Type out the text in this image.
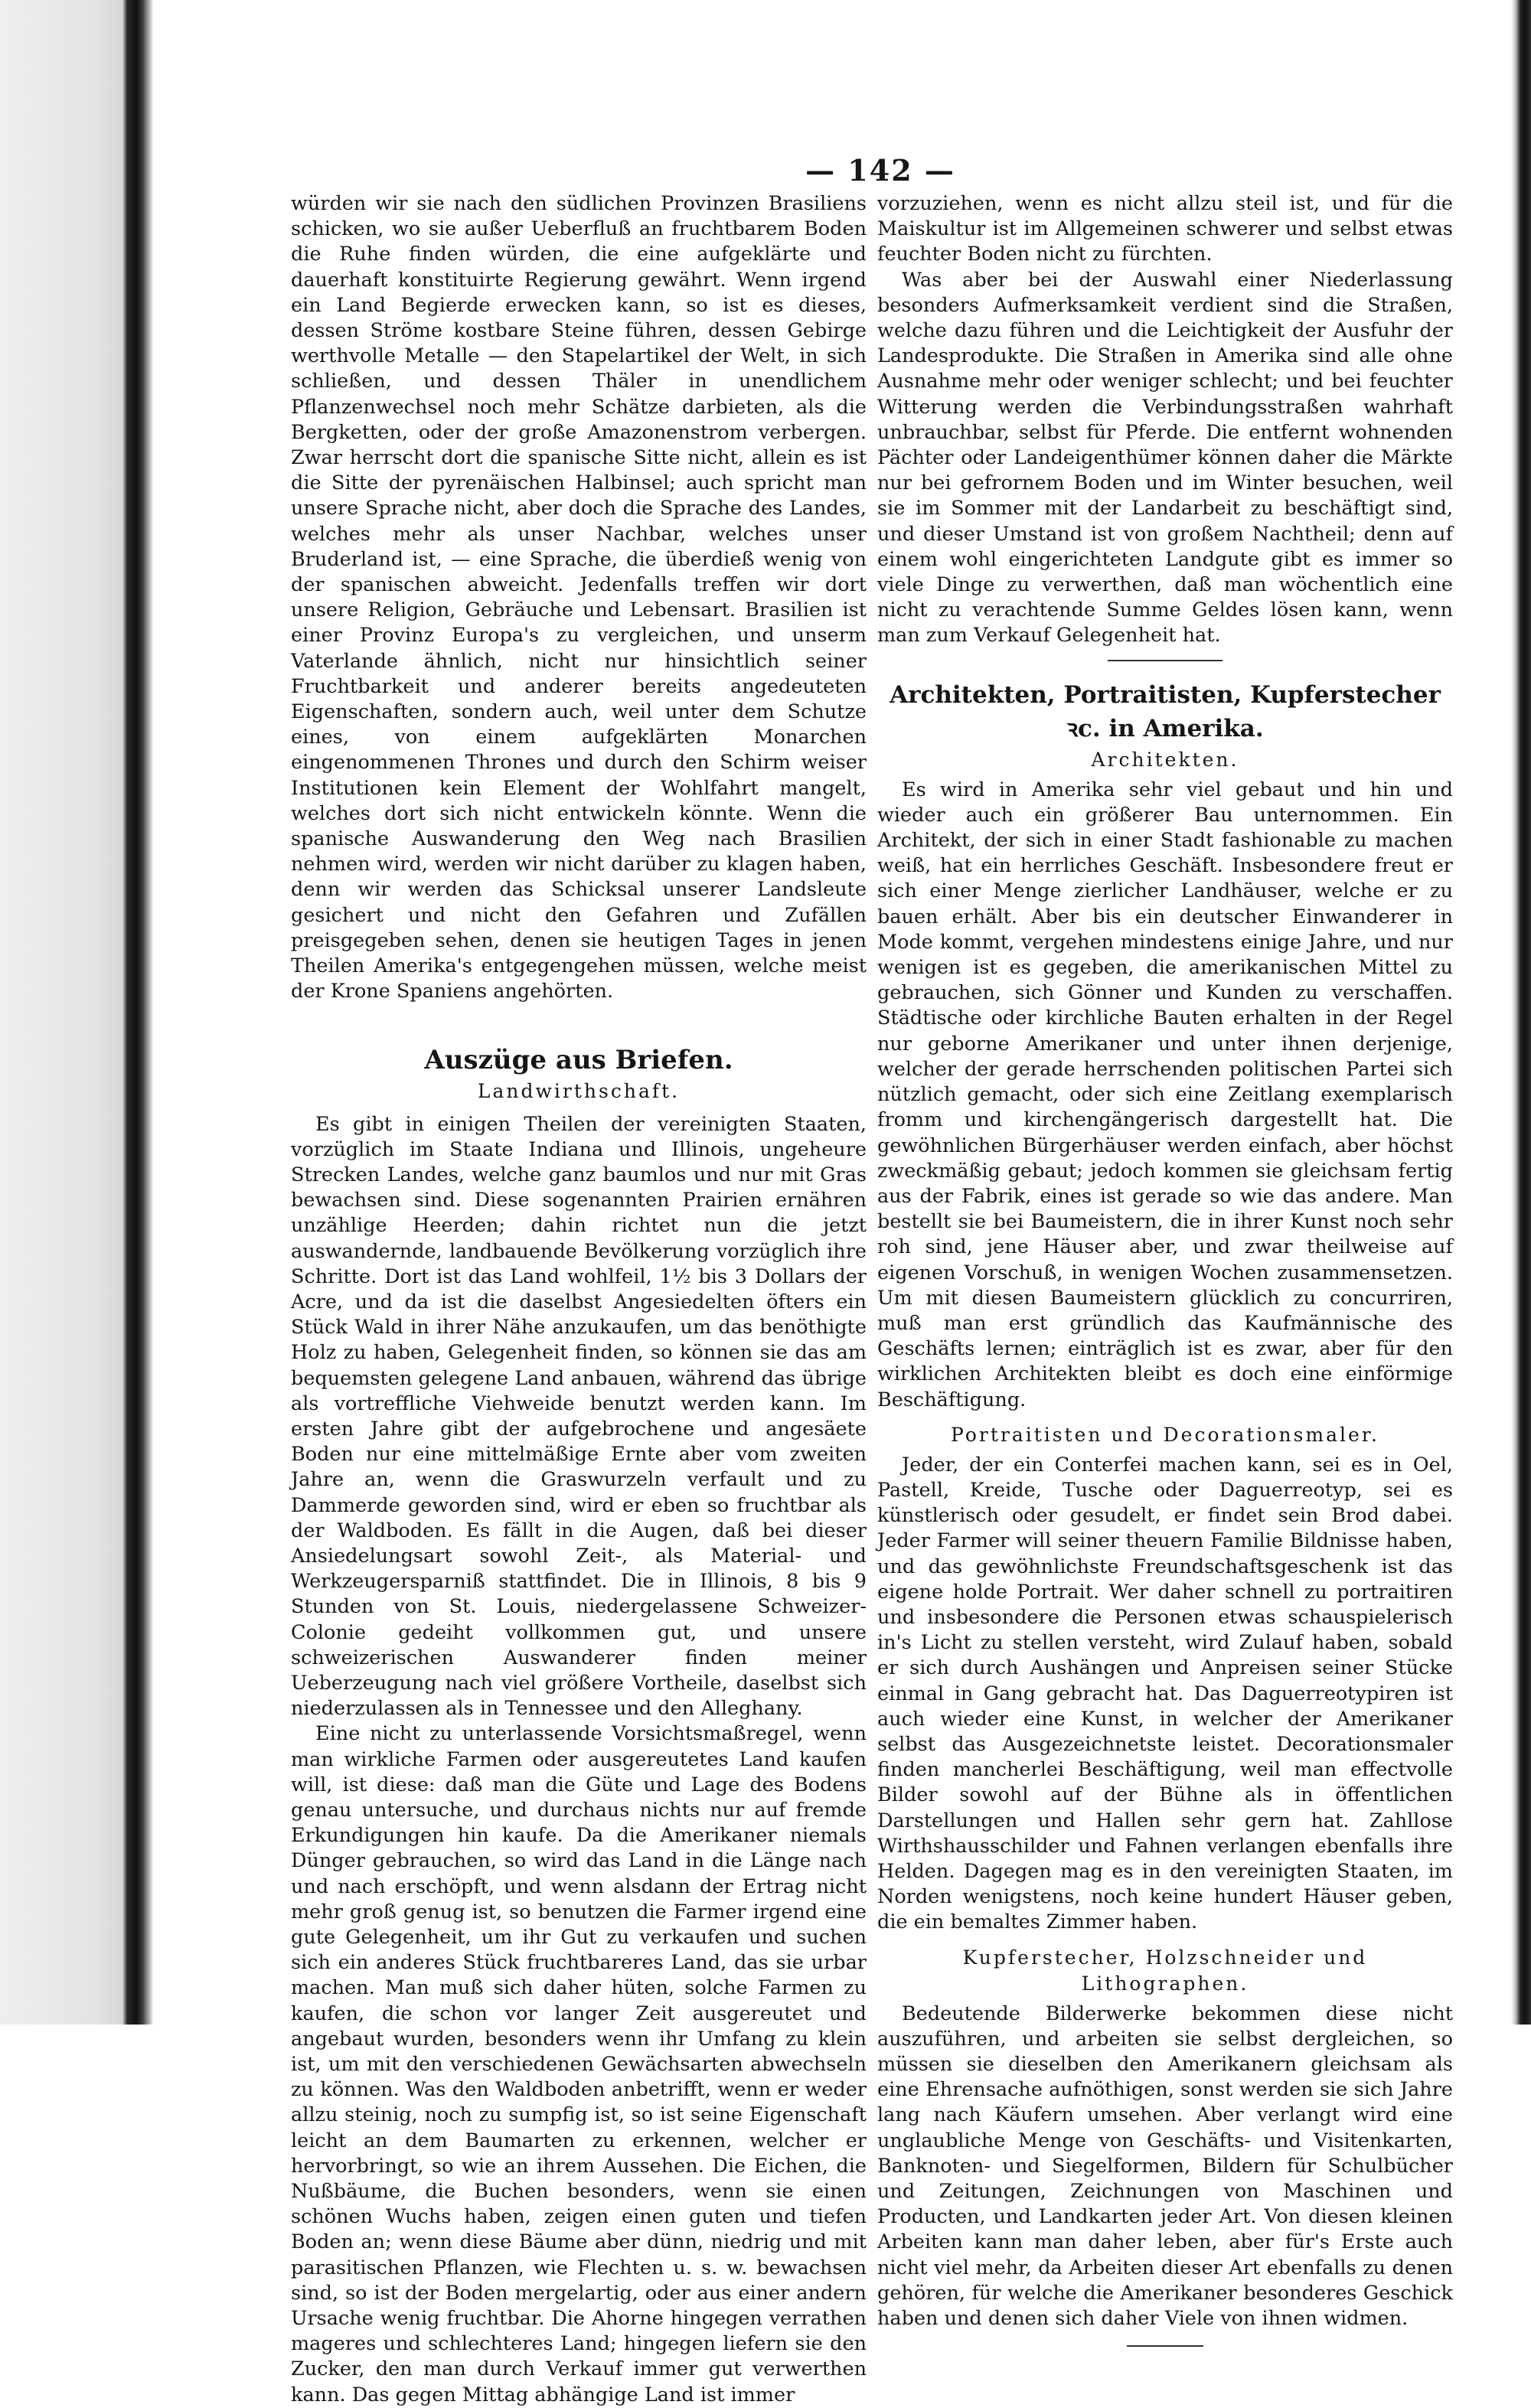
— 142 —

würden wir sie nach den südlichen Provinzen Brasiliens schicken, wo sie außer Ueberfluß an fruchtbarem Boden die Ruhe finden würden, die eine aufgeklärte und dauerhaft konstituirte Regierung gewährt. Wenn irgend ein Land Begierde erwecken kann, so ist es dieses, dessen Ströme kostbare Steine führen, dessen Gebirge werthvolle Metalle — den Stapelartikel der Welt, in sich schließen, und dessen Thäler in unendlichem Pflanzenwechsel noch mehr Schätze darbieten, als die Bergketten, oder der große Amazonenstrom verbergen. Zwar herrscht dort die spanische Sitte nicht, allein es ist die Sitte der pyrenäischen Halbinsel; auch spricht man unsere Sprache nicht, aber doch die Sprache des Landes, welches mehr als unser Nachbar, welches unser Bruderland ist, — eine Sprache, die überdieß wenig von der spanischen abweicht. Jedenfalls treffen wir dort unsere Religion, Gebräuche und Lebensart. Brasilien ist einer Provinz Europa's zu vergleichen, und unserm Vaterlande ähnlich, nicht nur hinsichtlich seiner Fruchtbarkeit und anderer bereits angedeuteten Eigenschaften, sondern auch, weil unter dem Schutze eines, von einem aufgeklärten Monarchen eingenommenen Thrones und durch den Schirm weiser Institutionen kein Element der Wohlfahrt mangelt, welches dort sich nicht entwickeln könnte. Wenn die spanische Auswanderung den Weg nach Brasilien nehmen wird, werden wir nicht darüber zu klagen haben, denn wir werden das Schicksal unserer Landsleute gesichert und nicht den Gefahren und Zufällen preisgegeben sehen, denen sie heutigen Tages in jenen Theilen Amerika's entgegengehen müssen, welche meist der Krone Spaniens angehörten.

Auszüge aus Briefen.
Landwirthschaft.

Es gibt in einigen Theilen der vereinigten Staaten, vorzüglich im Staate Indiana und Illinois, ungeheure Strecken Landes, welche ganz baumlos und nur mit Gras bewachsen sind. Diese sogenannten Prairien ernähren unzählige Heerden; dahin richtet nun die jetzt auswandernde, landbauende Bevölkerung vorzüglich ihre Schritte. Dort ist das Land wohlfeil, 1½ bis 3 Dollars der Acre, und da ist die daselbst Angesiedelten öfters ein Stück Wald in ihrer Nähe anzukaufen, um das benöthigte Holz zu haben, Gelegenheit finden, so können sie das am bequemsten gelegene Land anbauen, während das übrige als vortreffliche Viehweide benutzt werden kann. Im ersten Jahre gibt der aufgebrochene und angesäete Boden nur eine mittelmäßige Ernte aber vom zweiten Jahre an, wenn die Graswurzeln verfault und zu Dammerde geworden sind, wird er eben so fruchtbar als der Waldboden. Es fällt in die Augen, daß bei dieser Ansiedelungsart sowohl Zeit-, als Material- und Werkzeugersparniß stattfindet. Die in Illinois, 8 bis 9 Stunden von St. Louis, niedergelassene Schweizer-Colonie gedeiht vollkommen gut, und unsere schweizerischen Auswanderer finden meiner Ueberzeugung nach viel größere Vortheile, daselbst sich niederzulassen als in Tennessee und den Alleghany.

Eine nicht zu unterlassende Vorsichtsmaßregel, wenn man wirkliche Farmen oder ausgereutetes Land kaufen will, ist diese: daß man die Güte und Lage des Bodens genau untersuche, und durchaus nichts nur auf fremde Erkundigungen hin kaufe. Da die Amerikaner niemals Dünger gebrauchen, so wird das Land in die Länge nach und nach erschöpft, und wenn alsdann der Ertrag nicht mehr groß genug ist, so benutzen die Farmer irgend eine gute Gelegenheit, um ihr Gut zu verkaufen und suchen sich ein anderes Stück fruchtbareres Land, das sie urbar machen. Man muß sich daher hüten, solche Farmen zu kaufen, die schon vor langer Zeit ausgereutet und angebaut wurden, besonders wenn ihr Umfang zu klein ist, um mit den verschiedenen Gewächsarten abwechseln zu können. Was den Waldboden anbetrifft, wenn er weder allzu steinig, noch zu sumpfig ist, so ist seine Eigenschaft leicht an dem Baumarten zu erkennen, welcher er hervorbringt, so wie an ihrem Aussehen. Die Eichen, die Nußbäume, die Buchen besonders, wenn sie einen schönen Wuchs haben, zeigen einen guten und tiefen Boden an; wenn diese Bäume aber dünn, niedrig und mit parasitischen Pflanzen, wie Flechten u. s. w. bewachsen sind, so ist der Boden mergelartig, oder aus einer andern Ursache wenig fruchtbar. Die Ahorne hingegen verrathen mageres und schlechteres Land; hingegen liefern sie den Zucker, den man durch Verkauf immer gut verwerthen kann. Das gegen Mittag abhängige Land ist immer

vorzuziehen, wenn es nicht allzu steil ist, und für die Maiskultur ist im Allgemeinen schwerer und selbst etwas feuchter Boden nicht zu fürchten.

Was aber bei der Auswahl einer Niederlassung besonders Aufmerksamkeit verdient sind die Straßen, welche dazu führen und die Leichtigkeit der Ausfuhr der Landesprodukte. Die Straßen in Amerika sind alle ohne Ausnahme mehr oder weniger schlecht; und bei feuchter Witterung werden die Verbindungsstraßen wahrhaft unbrauchbar, selbst für Pferde. Die entfernt wohnenden Pächter oder Landeigenthümer können daher die Märkte nur bei gefrornem Boden und im Winter besuchen, weil sie im Sommer mit der Landarbeit zu beschäftigt sind, und dieser Umstand ist von großem Nachtheil; denn auf einem wohl eingerichteten Landgute gibt es immer so viele Dinge zu verwerthen, daß man wöchentlich eine nicht zu verachtende Summe Geldes lösen kann, wenn man zum Verkauf Gelegenheit hat.

Architekten, Portraitisten, Kupferstecher ꝛc. in Amerika.
Architekten.

Es wird in Amerika sehr viel gebaut und hin und wieder auch ein größerer Bau unternommen. Ein Architekt, der sich in einer Stadt fashionable zu machen weiß, hat ein herrliches Geschäft. Insbesondere freut er sich einer Menge zierlicher Landhäuser, welche er zu bauen erhält. Aber bis ein deutscher Einwanderer in Mode kommt, vergehen mindestens einige Jahre, und nur wenigen ist es gegeben, die amerikanischen Mittel zu gebrauchen, sich Gönner und Kunden zu verschaffen. Städtische oder kirchliche Bauten erhalten in der Regel nur geborne Amerikaner und unter ihnen derjenige, welcher der gerade herrschenden politischen Partei sich nützlich gemacht, oder sich eine Zeitlang exemplarisch fromm und kirchengängerisch dargestellt hat. Die gewöhnlichen Bürgerhäuser werden einfach, aber höchst zweckmäßig gebaut; jedoch kommen sie gleichsam fertig aus der Fabrik, eines ist gerade so wie das andere. Man bestellt sie bei Baumeistern, die in ihrer Kunst noch sehr roh sind, jene Häuser aber, und zwar theilweise auf eigenen Vorschuß, in wenigen Wochen zusammensetzen. Um mit diesen Baumeistern glücklich zu concurriren, muß man erst gründlich das Kaufmännische des Geschäfts lernen; einträglich ist es zwar, aber für den wirklichen Architekten bleibt es doch eine einförmige Beschäftigung.

Portraitisten und Decorationsmaler.

Jeder, der ein Conterfei machen kann, sei es in Oel, Pastell, Kreide, Tusche oder Daguerreotyp, sei es künstlerisch oder gesudelt, er findet sein Brod dabei. Jeder Farmer will seiner theuern Familie Bildnisse haben, und das gewöhnlichste Freundschaftsgeschenk ist das eigene holde Portrait. Wer daher schnell zu portraitiren und insbesondere die Personen etwas schauspielerisch in's Licht zu stellen versteht, wird Zulauf haben, sobald er sich durch Aushängen und Anpreisen seiner Stücke einmal in Gang gebracht hat. Das Daguerreotypiren ist auch wieder eine Kunst, in welcher der Amerikaner selbst das Ausgezeichnetste leistet. Decorationsmaler finden mancherlei Beschäftigung, weil man effectvolle Bilder sowohl auf der Bühne als in öffentlichen Darstellungen und Hallen sehr gern hat. Zahllose Wirthshausschilder und Fahnen verlangen ebenfalls ihre Helden. Dagegen mag es in den vereinigten Staaten, im Norden wenigstens, noch keine hundert Häuser geben, die ein bemaltes Zimmer haben.

Kupferstecher, Holzschneider und Lithographen.

Bedeutende Bilderwerke bekommen diese nicht auszuführen, und arbeiten sie selbst dergleichen, so müssen sie dieselben den Amerikanern gleichsam als eine Ehrensache aufnöthigen, sonst werden sie sich Jahre lang nach Käufern umsehen. Aber verlangt wird eine unglaubliche Menge von Geschäfts- und Visitenkarten, Banknoten- und Siegelformen, Bildern für Schulbücher und Zeitungen, Zeichnungen von Maschinen und Producten, und Landkarten jeder Art. Von diesen kleinen Arbeiten kann man daher leben, aber für's Erste auch nicht viel mehr, da Arbeiten dieser Art ebenfalls zu denen gehören, für welche die Amerikaner besonderes Geschick haben und denen sich daher Viele von ihnen widmen.
